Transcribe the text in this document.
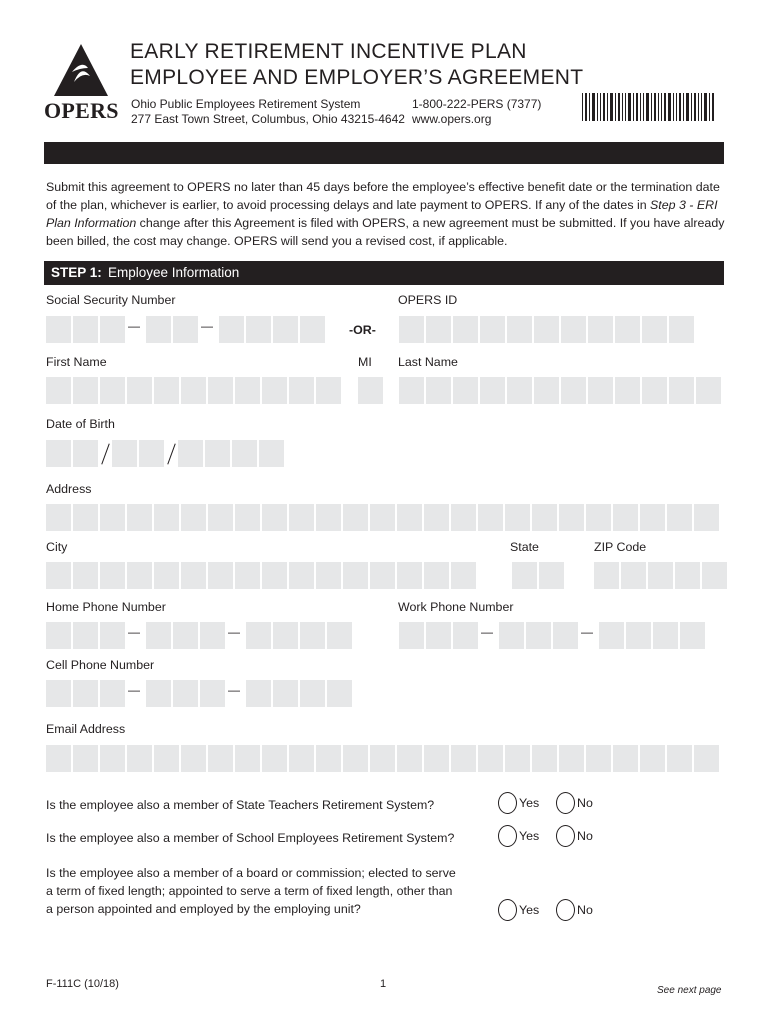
OPERS
EARLY RETIREMENT INCENTIVE PLAN
EMPLOYEE AND EMPLOYER’S AGREEMENT
Ohio Public Employees Retirement System
277 East Town Street, Columbus, Ohio 43215-4642
1-800-222-PERS (7377)
www.opers.org

Submit this agreement to OPERS no later than 45 days before the employee’s effective benefit date or the termination date of the plan, whichever is earlier, to avoid processing delays and late payment to OPERS. If any of the dates in Step 3 - ERI Plan Information change after this Agreement is filed with OPERS, a new agreement must be submitted. If you have already been billed, the cost may change. OPERS will send you a revised cost, if applicable.

STEP 1: Employee Information
Social Security Number	OPERS ID
—	—	-OR-
First Name	MI Last Name
Date of Birth
Address
City	State	ZIP Code
Home Phone Number	Work Phone Number
—	—	—	—
Cell Phone Number
—	—
Email Address
Is the employee also a member of State Teachers Retirement System?	Yes	No
Is the employee also a member of School Employees Retirement System?	Yes	No
Is the employee also a member of a board or commission; elected to serve
a term of fixed length; appointed to serve a term of fixed length, other than
a person appointed and employed by the employing unit?	Yes	No
F-111C (10/18)	1
See next page
